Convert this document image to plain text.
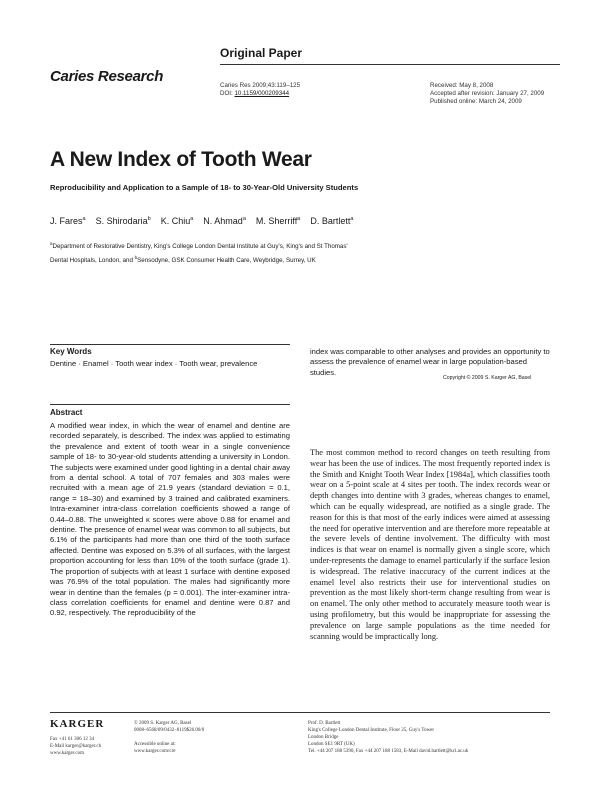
Original Paper
Caries Research
Caries Res 2009;43:119–125
DOI: 10.1159/000209344
Received: May 8, 2008
Accepted after revision: January 27, 2009
Published online: March 24, 2009
A New Index of Tooth Wear
Reproducibility and Application to a Sample of 18- to 30-Year-Old University Students
J. Fares$^a$ S. Shirodaria$^b$ K. Chiu$^a$ N. Ahmad$^a$ M. Sherriff$^a$ D. Bartlett$^a$
$^a$Department of Restorative Dentistry, King's College London Dental Institute at Guy's, King's and St Thomas'
Dental Hospitals, London, and $^b$Sensodyne, GSK Consumer Health Care, Weybridge, Surrey, UK
Key Words
Dentine · Enamel · Tooth wear index · Tooth wear, prevalence
index was comparable to other analyses and provides an opportunity to assess the prevalence of enamel wear in large population-based studies.
Copyright © 2009 S. Karger AG, Basel
Abstract
A modified wear index, in which the wear of enamel and dentine are recorded separately, is described. The index was applied to estimating the prevalence and extent of tooth wear in a single convenience sample of 18- to 30-year-old students attending a university in London. The subjects were examined under good lighting in a dental chair away from a dental school. A total of 707 females and 303 males were recruited with a mean age of 21.9 years (standard deviation = 0.1, range = 18–30) and examined by 3 trained and calibrated examiners. Intra-examiner intra-class correlation coefficients showed a range of 0.44–0.88. The unweighted κ scores were above 0.88 for enamel and dentine. The presence of enamel wear was common to all subjects, but 6.1% of the participants had more than one third of the tooth surface affected. Dentine was exposed on 5.3% of all surfaces, with the largest proportion accounting for less than 10% of the tooth surface (grade 1). The proportion of subjects with at least 1 surface with dentine exposed was 76.9% of the total population. The males had significantly more wear in dentine than the females (p = 0.001). The inter-examiner intra-class correlation coefficients for enamel and dentine were 0.87 and 0.92, respectively. The reproducibility of the
The most common method to record changes on teeth resulting from wear has been the use of indices. The most frequently reported index is the Smith and Knight Tooth Wear Index [1984a], which classifies tooth wear on a 5-point scale at 4 sites per tooth. The index records wear or depth changes into dentine with 3 grades, whereas changes to enamel, which can be equally widespread, are notified as a single grade. The reason for this is that most of the early indices were aimed at assessing the need for operative intervention and are therefore more repeatable at the severe levels of dentine involvement. The difficulty with most indices is that wear on enamel is normally given a single score, which under-represents the damage to enamel particularly if the surface lesion is widespread. The relative inaccuracy of the current indices at the enamel level also restricts their use for interventional studies on prevention as the most likely short-term change resulting from wear is on enamel. The only other method to accurately measure tooth wear is using profilometry, but this would be inappropriate for assessing the prevalence on large sample populations as the time needed for scanning would be impractically long.
KARGER
Fax +41 61 306 12 34
E-Mail karger@karger.ch
www.karger.com
© 2009 S. Karger AG, Basel
0008–6568/09/0432–0119$26.00/0
Accessible online at:
www.karger.com/cre
Prof. D. Bartlett
King's College London Dental Institute, Floor 25, Guy's Tower
London Bridge
London SE1 9RT (UK)
Tel. +44 207 188 5390, Fax +44 207 188 1583, E-Mail david.bartlett@kcl.ac.uk
